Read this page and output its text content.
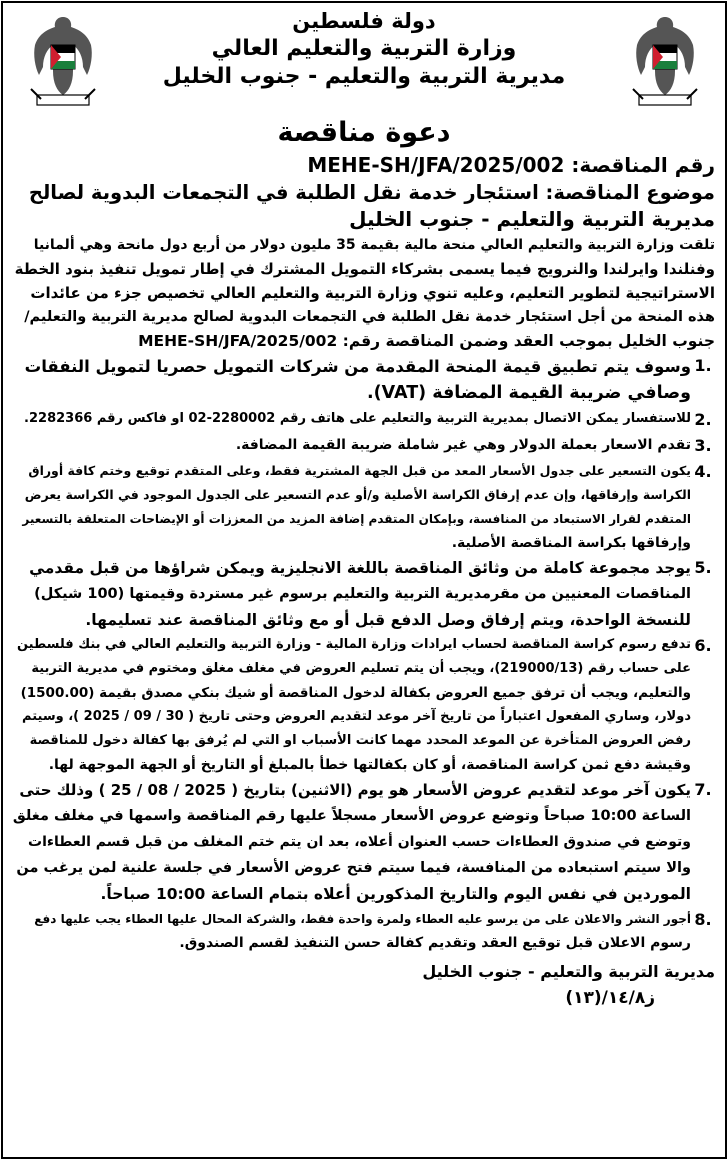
دولة فلسطين
وزارة التربية والتعليم العالي
مديرية التربية والتعليم - جنوب الخليل
دعوة مناقصة
رقم المناقصة: MEHE-SH/JFA/2025/002
موضوع المناقصة: استئجار خدمة نقل الطلبة في التجمعات البدوية لصالح
مديرية التربية والتعليم - جنوب الخليل
تلقت وزارة التربية والتعليم العالي منحة مالية بقيمة 35 مليون دولار من أربع دول مانحة وهي ألمانيا
وفنلندا وايرلندا والنرويج فيما يسمى بشركاء التمويل المشترك في إطار تمويل تنفيذ بنود الخطة
الاستراتيجية لتطوير التعليم، وعليه تنوي وزارة التربية والتعليم العالي تخصيص جزء من عائدات
هذه المنحة من أجل استئجار خدمة نقل الطلبة في التجمعات البدوية لصالح مديرية التربية والتعليم/
جنوب الخليل بموجب العقد وضمن المناقصة رقم: MEHE-SH/JFA/2025/002
.1
وسوف يتم تطبيق قيمة المنحة المقدمة من شركات التمويل حصريا لتمويل النفقات
وصافي ضريبة القيمة المضافة (VAT).
.2
للاستفسار يمكن الاتصال بمديرية التربية والتعليم على هاتف رقم 2280002-02 او فاكس رقم 2282366.
.3
تقدم الاسعار بعملة الدولار وهي غير شاملة ضريبة القيمة المضافة.
.4
يكون التسعير على جدول الأسعار المعد من قبل الجهة المشترية فقط، وعلى المتقدم توقيع وختم كافة أوراق
الكراسة وإرفاقها، وإن عدم إرفاق الكراسة الأصلية و/أو عدم التسعير على الجدول الموجود في الكراسة يعرض
المتقدم لقرار الاستبعاد من المنافسة، وبإمكان المتقدم إضافة المزيد من المعززات أو الإيضاحات المتعلقة بالتسعير
وإرفاقها بكراسة المناقصة الأصلية.
.5
يوجد مجموعة كاملة من وثائق المناقصة باللغة الانجليزية ويمكن شراؤها من قبل مقدمي
المناقصات المعنيين من مقرمديرية التربية والتعليم برسوم غير مستردة وقيمتها (100 شيكل)
للنسخة الواحدة، ويتم إرفاق وصل الدفع قبل أو مع وثائق المناقصة عند تسليمها.
.6
تدفع رسوم كراسة المناقصة لحساب ايرادات وزارة المالية - وزارة التربية والتعليم العالي في بنك فلسطين
على حساب رقم (219000/13)، ويجب أن يتم تسليم العروض في مغلف مغلق ومختوم في مديرية التربية
والتعليم، ويجب أن ترفق جميع العروض بكفالة لدخول المناقصة أو شيك بنكي مصدق بقيمة (1500.00)
دولار، وساري المفعول اعتباراً من تاريخ آخر موعد لتقديم العروض وحتى تاريخ ( 30 / 09 / 2025 )، وسيتم
رفض العروض المتأخرة عن الموعد المحدد مهما كانت الأسباب او التي لم يُرفق بها كفالة دخول للمناقصة
وقيشة دفع ثمن كراسة المناقصة، أو كان بكفالتها خطأ بالمبلغ أو التاريخ أو الجهة الموجهة لها.
.7
يكون آخر موعد لتقديم عروض الأسعار هو يوم (الاثنين) بتاريخ ( 2025 / 08 / 25 ) وذلك حتى
الساعة 10:00 صباحاً وتوضع عروض الأسعار مسجلاً عليها رقم المناقصة واسمها في مغلف مغلق
وتوضع في صندوق العطاءات حسب العنوان أعلاه، بعد ان يتم ختم المغلف من قبل قسم العطاءات
والا سيتم استبعاده من المنافسة، فيما سيتم فتح عروض الأسعار في جلسة علنية لمن يرغب من
الموردين في نفس اليوم والتاريخ المذكورين أعلاه بتمام الساعة 10:00 صباحاً.
.8
أجور النشر والاعلان على من يرسو عليه العطاء ولمرة واحدة فقط، والشركة المحال عليها العطاء يجب عليها دفع
رسوم الاعلان قبل توقيع العقد وتقديم كفالة حسن التنفيذ لقسم الصندوق.
مديرية التربية والتعليم - جنوب الخليل
ز١٤/٨/(١٣)
